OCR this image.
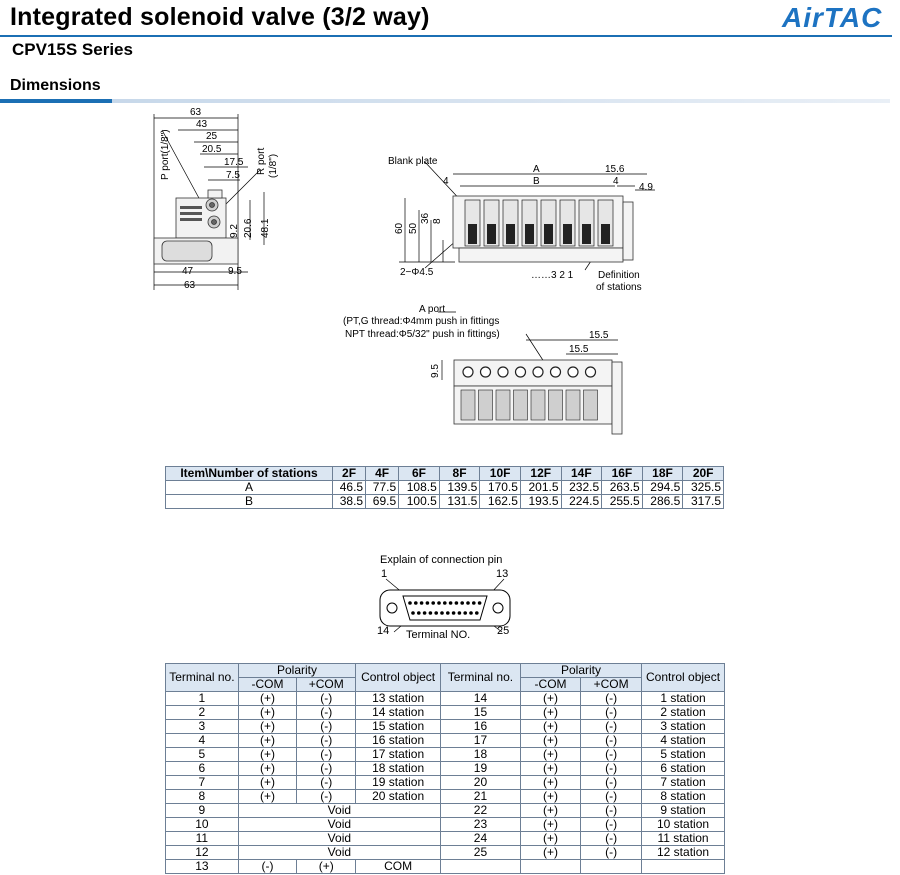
Integrated solenoid valve (3/2 way)	AirTAC
CPV15S Series
Dimensions
63
43
25
20.5
17.5
7.5
9.2 20.6 48.1
47	9.5
63
P port(1/8")	R port (1/8")	Blank plate
A
B
4
15.6
4
4.9
60 50
36 8
2−Φ4.5	……3 2 1 Definition
of stations
A port
(PT,G thread:Φ4mm push in fittings
NPT thread:Φ5/32" push in fittings)	15.5
15.5
9.5
Item\Number of stations	2F	4F	6F	8F	10F	12F	14F	16F	18F	20F
A	46.5	77.5	108.5	139.5	170.5	201.5	232.5	263.5	294.5	325.5
B	38.5	69.5	100.5	131.5	162.5	193.5	224.5	255.5	286.5	317.5
Explain of connection pin
1	13
14	25
Terminal NO.
Terminal no.	Polarity		Control object	Terminal no.	Polarity		Control object
	-COM	+COM			-COM	+COM	
1	(+)	(-)	13 station	14	(+)	(-)	1 station
2	(+)	(-)	14 station	15	(+)	(-)	2 station
3	(+)	(-)	15 station	16	(+)	(-)	3 station
4	(+)	(-)	16 station	17	(+)	(-)	4 station
5	(+)	(-)	17 station	18	(+)	(-)	5 station
6	(+)	(-)	18 station	19	(+)	(-)	6 station
7	(+)	(-)	19 station	20	(+)	(-)	7 station
8	(+)	(-)	20 station	21	(+)	(-)	8 station
9	Void			22	(+)	(-)	9 station
10	Void			23	(+)	(-)	10 station
11	Void			24	(+)	(-)	11 station
12	Void			25	(+)	(-)	12 station
13	(-)	(+)	COM				
